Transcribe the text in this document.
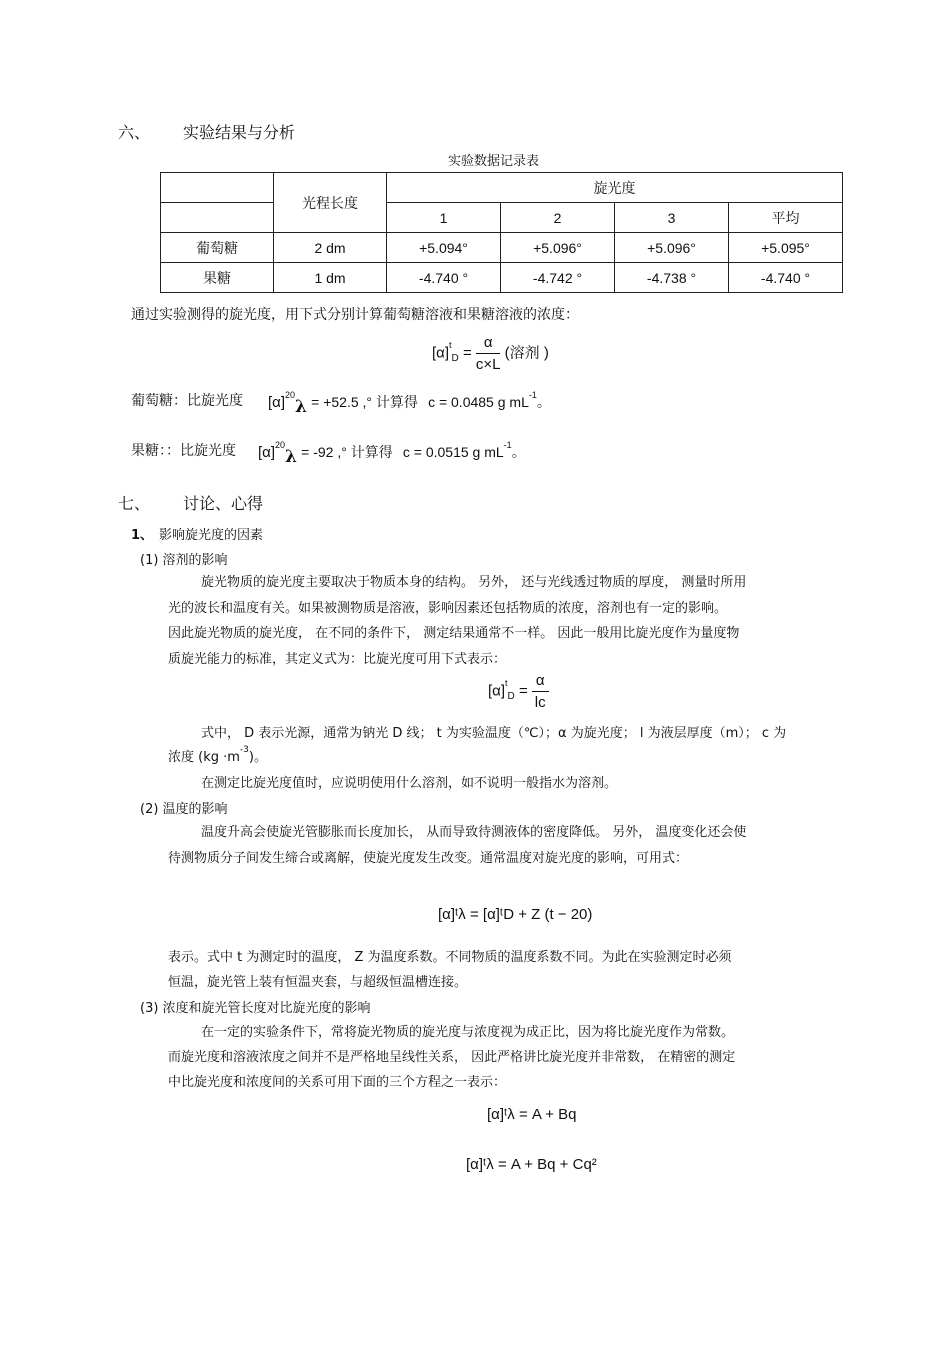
六、 实验结果与分析
实验数据记录表
	光程长度	旋光度			
		1	2	3	平均
葡萄糖	2 dm	+5.094°	+5.096°	+5.096°	+5.095°
果糖	1 dm	-4.740 °	-4.742 °	-4.738 °	-4.740 °
通过实验测得的旋光度，用下式分别计算葡萄糖溶液和果糖溶液的浓度：
$[\alpha]^t_D = \frac{\alpha}{c\times L}$ (溶剂 )
葡萄糖：比旋光度 $[\alpha]^{20}\lambda = +52.5$ ,° 计算得 c = 0.0485 g $mL^{-1}$。
果糖：：比旋光度 $[\alpha]^{20}\lambda = -92$ ,° 计算得 c = 0.0515 g $mL^{-1}$。
七、 讨论、心得
1、 影响旋光度的因素
(1) 溶剂的影响
旋光物质的旋光度主要取决于物质本身的结构。 另外， 还与光线透过物质的厚度， 测量时所用
光的波长和温度有关。如果被测物质是溶液，影响因素还包括物质的浓度，溶剂也有一定的影响。
因此旋光物质的旋光度， 在不同的条件下， 测定结果通常不一样。 因此一般用比旋光度作为量度物
质旋光能力的标准，其定义式为：比旋光度可用下式表示：
$[\alpha]^t_D = \frac{\alpha}{lc}$
式中， D 表示光源，通常为钠光 D 线； t 为实验温度（℃）；α 为旋光度； l 为液层厚度（m）； c 为
浓度 $(kg \cdot m^{-3})$。
在测定比旋光度值时，应说明使用什么溶剂，如不说明一般指水为溶剂。
(2) 温度的影响
温度升高会使旋光管膨胀而长度加长， 从而导致待测液体的密度降低。 另外， 温度变化还会使
待测物质分子间发生缔合或离解，使旋光度发生改变。通常温度对旋光度的影响，可用式：
[α]ᵗλ = [α]ᵗD + Z (t − 20)
表示。式中 t 为测定时的温度， Z 为温度系数。不同物质的温度系数不同。为此在实验测定时必须
恒温，旋光管上装有恒温夹套，与超级恒温槽连接。
(3) 浓度和旋光管长度对比旋光度的影响
在一定的实验条件下，常将旋光物质的旋光度与浓度视为成正比，因为将比旋光度作为常数。
而旋光度和溶液浓度之间并不是严格地呈线性关系， 因此严格讲比旋光度并非常数， 在精密的测定
中比旋光度和浓度间的关系可用下面的三个方程之一表示：
[α]ᵗλ = A + Bq
[α]ᵗλ = A + Bq + Cq²
